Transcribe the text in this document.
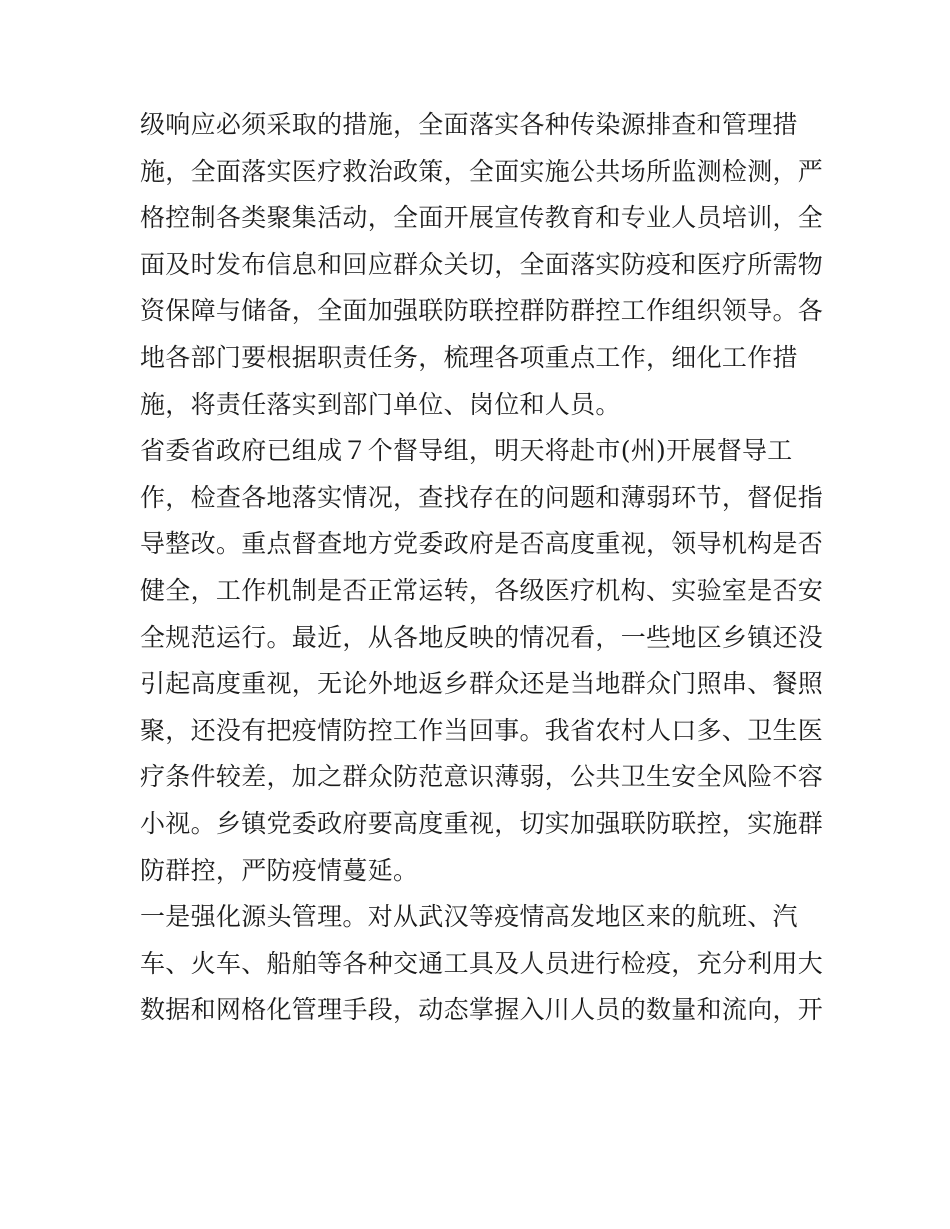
级响应必须采取的措施，全面落实各种传染源排查和管理措
施，全面落实医疗救治政策，全面实施公共场所监测检测，严
格控制各类聚集活动，全面开展宣传教育和专业人员培训，全
面及时发布信息和回应群众关切，全面落实防疫和医疗所需物
资保障与储备，全面加强联防联控群防群控工作组织领导。各
地各部门要根据职责任务，梳理各项重点工作，细化工作措
施，将责任落实到部门单位、岗位和人员。
省委省政府已组成７个督导组，明天将赴市(州)开展督导工
作，检查各地落实情况，查找存在的问题和薄弱环节，督促指
导整改。重点督查地方党委政府是否高度重视，领导机构是否
健全，工作机制是否正常运转，各级医疗机构、实验室是否安
全规范运行。最近，从各地反映的情况看，一些地区乡镇还没
引起高度重视，无论外地返乡群众还是当地群众门照串、餐照
聚，还没有把疫情防控工作当回事。我省农村人口多、卫生医
疗条件较差，加之群众防范意识薄弱，公共卫生安全风险不容
小视。乡镇党委政府要高度重视，切实加强联防联控，实施群
防群控，严防疫情蔓延。
一是强化源头管理。对从武汉等疫情高发地区来的航班、汽
车、火车、船舶等各种交通工具及人员进行检疫，充分利用大
数据和网格化管理手段，动态掌握入川人员的数量和流向，开
